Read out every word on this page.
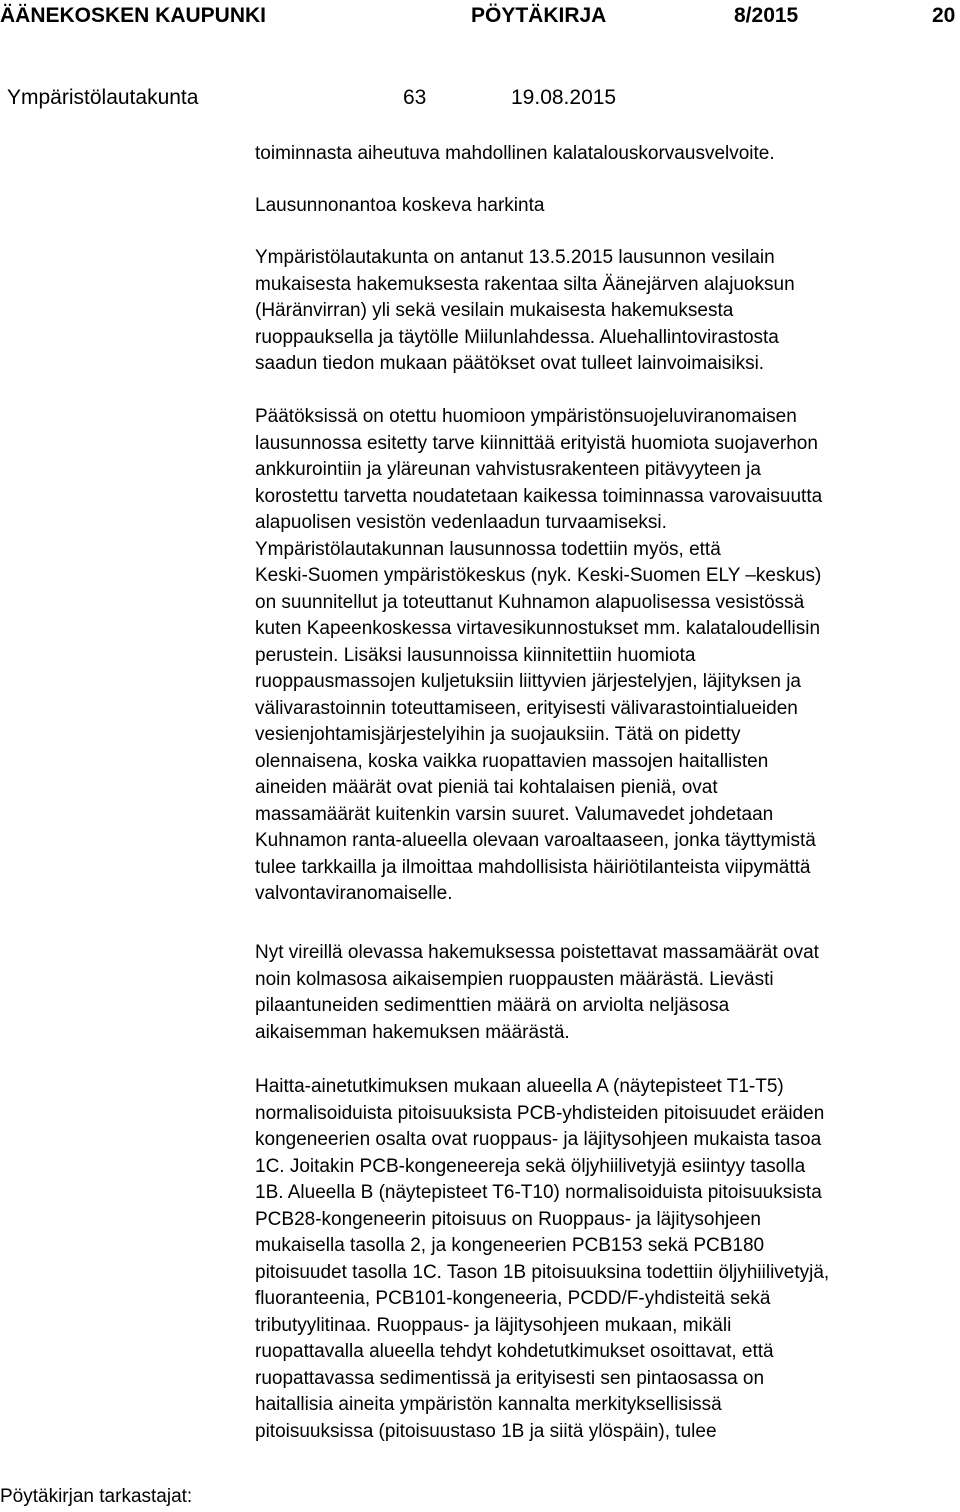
ÄÄNEKOSKEN KAUPUNKI	PÖYTÄKIRJA	8/2015	20
Ympäristölautakunta	63	19.08.2015

toiminnasta aiheutuva mahdollinen kalatalouskorvausvelvoite.

Lausunnonantoa koskeva harkinta

Ympäristölautakunta on antanut 13.5.2015 lausunnon vesilain
mukaisesta hakemuksesta rakentaa silta Äänejärven alajuoksun
(Häränvirran) yli sekä vesilain mukaisesta hakemuksesta
ruoppauksella ja täytölle Miilunlahdessa. Aluehallintovirastosta
saadun tiedon mukaan päätökset ovat tulleet lainvoimaisiksi.

Päätöksissä on otettu huomioon ympäristönsuojeluviranomaisen
lausunnossa esitetty tarve kiinnittää erityistä huomiota suojaverhon
ankkurointiin ja yläreunan vahvistusrakenteen pitävyyteen ja
korostettu tarvetta noudatetaan kaikessa toiminnassa varovaisuutta
alapuolisen vesistön vedenlaadun turvaamiseksi.
Ympäristölautakunnan lausunnossa todettiin myös, että
Keski-Suomen ympäristökeskus (nyk. Keski-Suomen ELY –keskus)
on suunnitellut ja toteuttanut Kuhnamon alapuolisessa vesistössä
kuten Kapeenkoskessa virtavesikunnostukset mm. kalataloudellisin
perustein. Lisäksi lausunnoissa kiinnitettiin huomiota
ruoppausmassojen kuljetuksiin liittyvien järjestelyjen, läjityksen ja
välivarastoinnin toteuttamiseen, erityisesti välivarastointialueiden
vesienjohtamisjärjestelyihin ja suojauksiin. Tätä on pidetty
olennaisena, koska vaikka ruopattavien massojen haitallisten
aineiden määrät ovat pieniä tai kohtalaisen pieniä, ovat
massamäärät kuitenkin varsin suuret. Valumavedet johdetaan
Kuhnamon ranta-alueella olevaan varoaltaaseen, jonka täyttymistä
tulee tarkkailla ja ilmoittaa mahdollisista häiriötilanteista viipymättä
valvontaviranomaiselle.

Nyt vireillä olevassa hakemuksessa poistettavat massamäärät ovat
noin kolmasosa aikaisempien ruoppausten määrästä. Lievästi
pilaantuneiden sedimenttien määrä on arviolta neljäsosa
aikaisemman hakemuksen määrästä.

Haitta-ainetutkimuksen mukaan alueella A (näytepisteet T1-T5)
normalisoiduista pitoisuuksista PCB-yhdisteiden pitoisuudet eräiden
kongeneerien osalta ovat ruoppaus- ja läjitysohjeen mukaista tasoa
1C. Joitakin PCB-kongeneereja sekä öljyhiilivetyjä esiintyy tasolla
1B. Alueella B (näytepisteet T6-T10) normalisoiduista pitoisuuksista
PCB28-kongeneerin pitoisuus on Ruoppaus- ja läjitysohjeen
mukaisella tasolla 2, ja kongeneerien PCB153 sekä PCB180
pitoisuudet tasolla 1C. Tason 1B pitoisuuksina todettiin öljyhiilivetyjä,
fluoranteenia, PCB101-kongeneeria, PCDD/F-yhdisteitä sekä
tributyylitinaa. Ruoppaus- ja läjitysohjeen mukaan, mikäli
ruopattavalla alueella tehdyt kohdetutkimukset osoittavat, että
ruopattavassa sedimentissä ja erityisesti sen pintaosassa on
haitallisia aineita ympäristön kannalta merkityksellisissä
pitoisuuksissa (pitoisuustaso 1B ja siitä ylöspäin), tulee

Pöytäkirjan tarkastajat:
